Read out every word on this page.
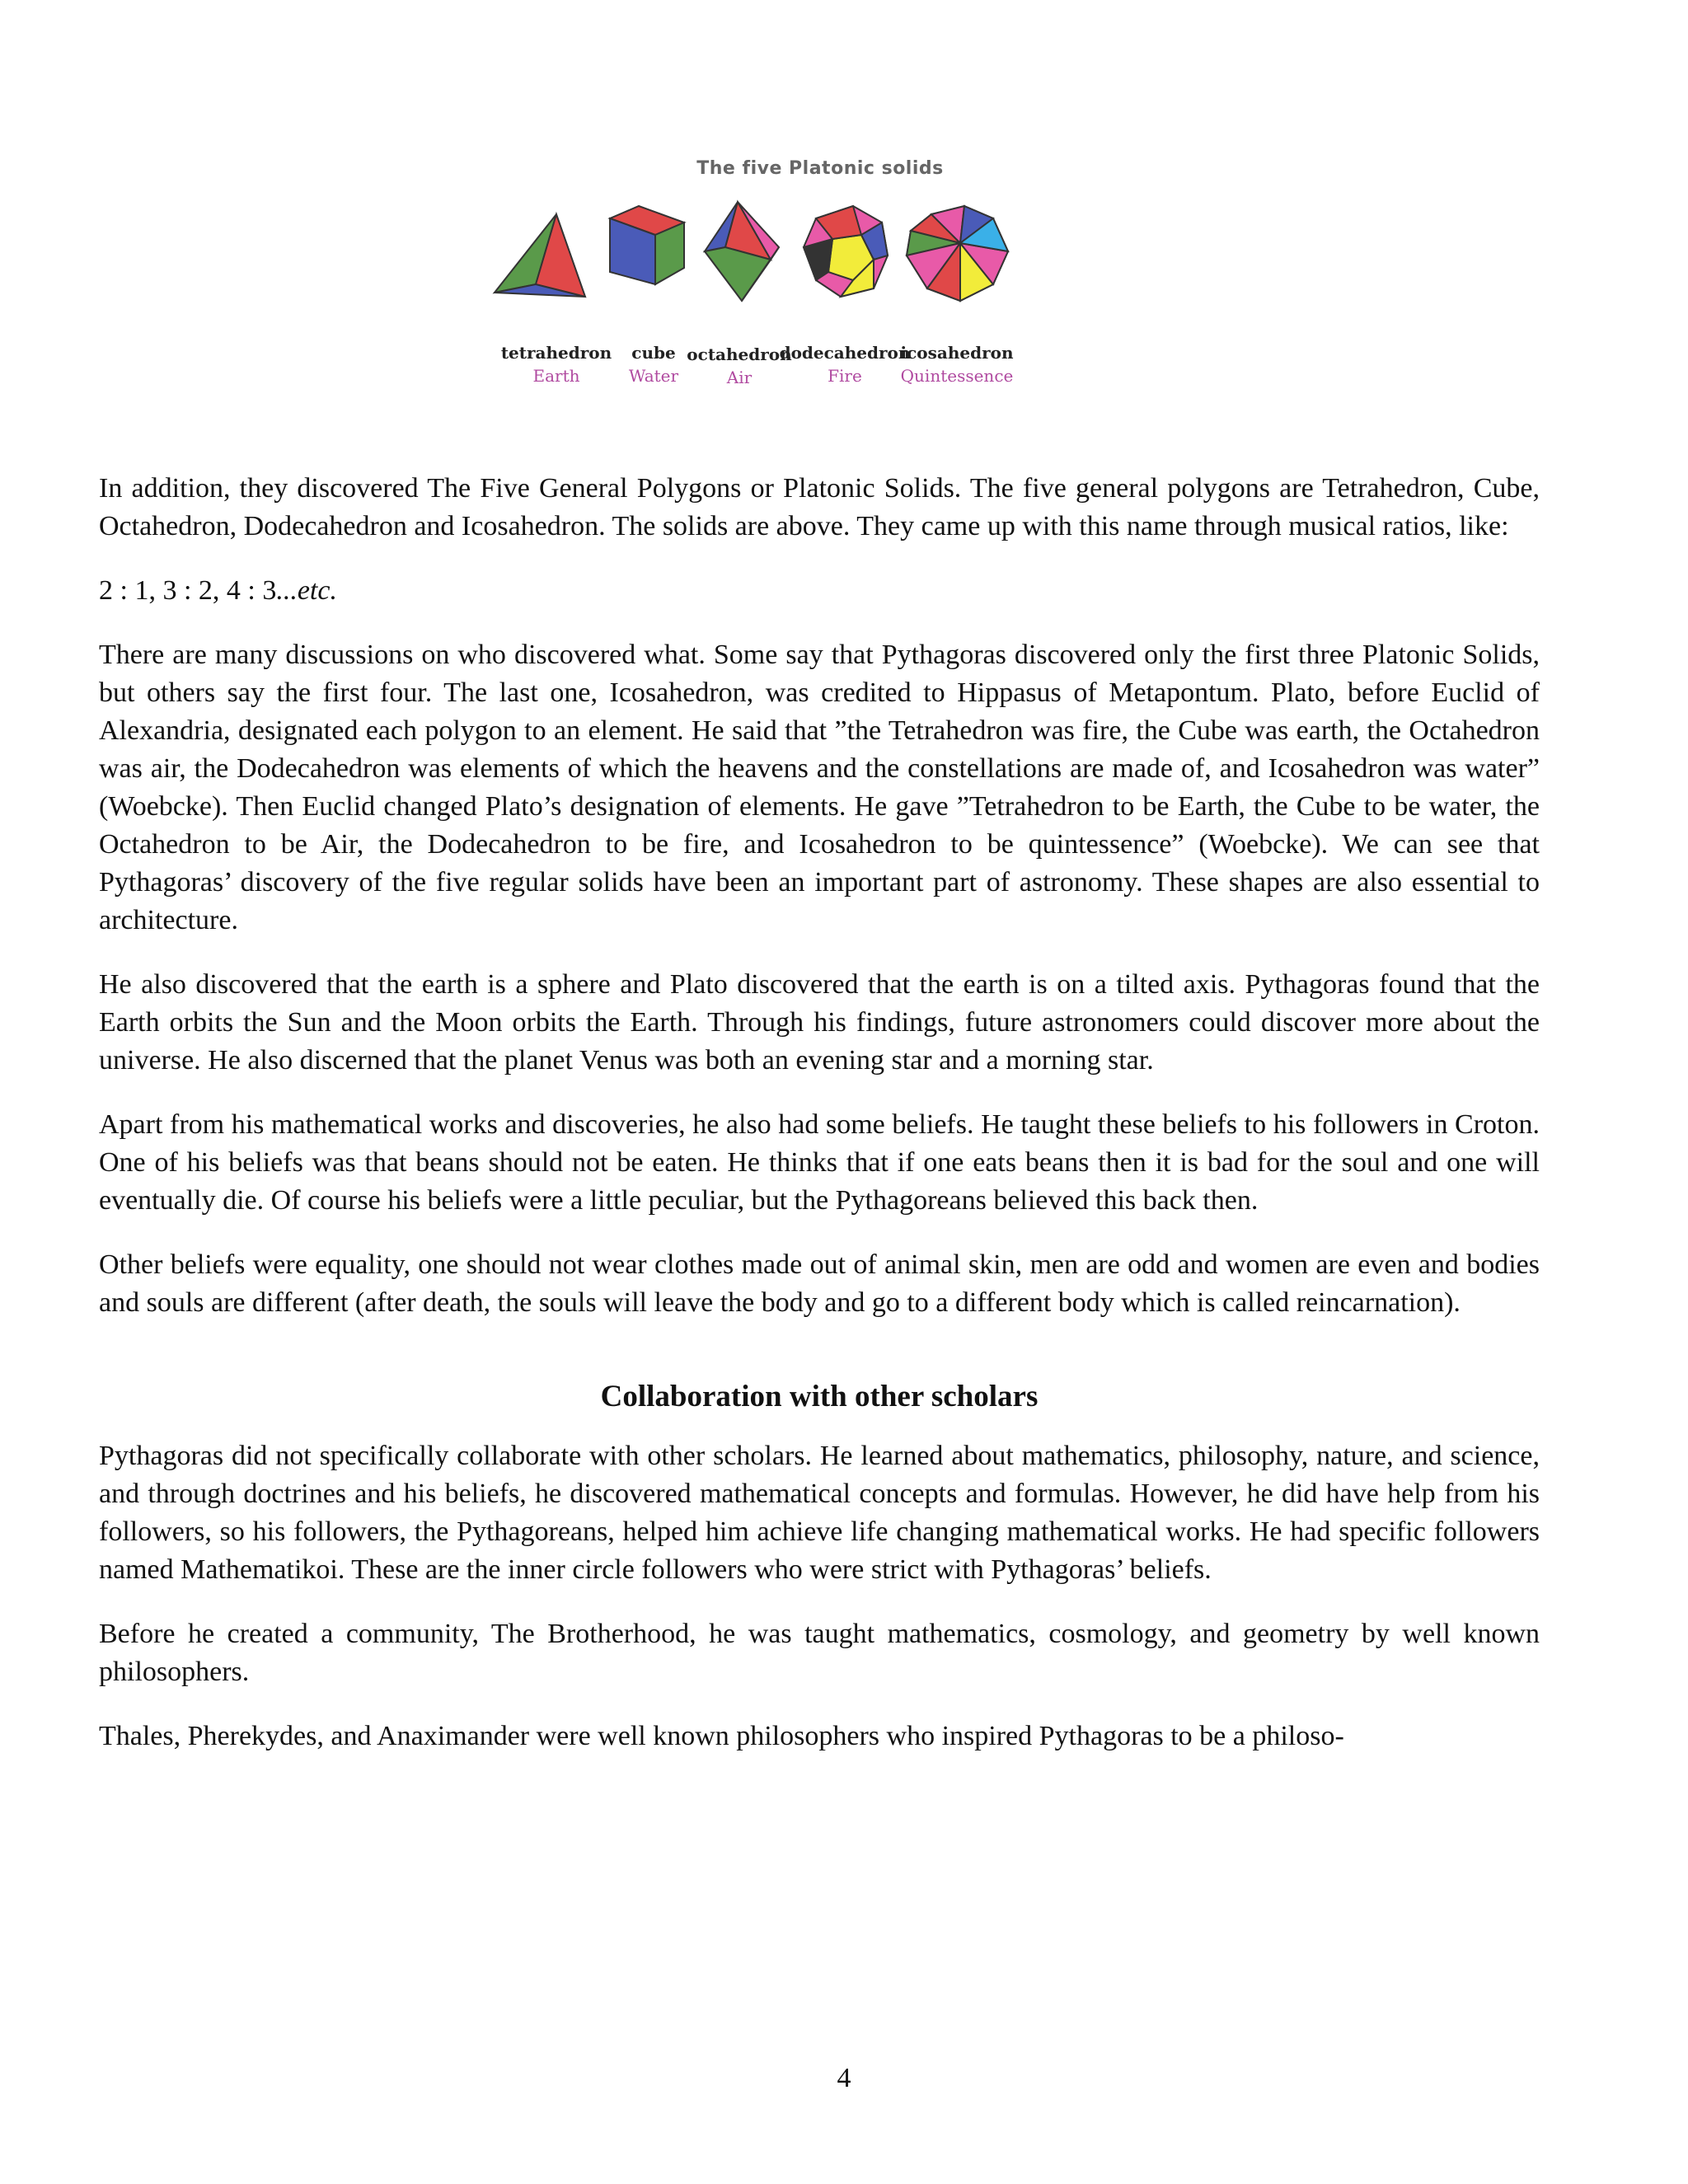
The five Platonic solids
tetrahedron
Earth
cube
Water
octahedron
Air
dodecahedron
Fire
icosahedron
Quintessence

In addition, they discovered The Five General Polygons or Platonic Solids. The five general polygons are Tetrahedron, Cube, Octahedron, Dodecahedron and Icosahedron. The solids are above. They came up with this name through musical ratios, like:

2 : 1, 3 : 2, 4 : 3...etc.

There are many discussions on who discovered what. Some say that Pythagoras discovered only the first three Platonic Solids, but others say the first four. The last one, Icosahedron, was credited to Hippasus of Metapontum. Plato, before Euclid of Alexandria, designated each polygon to an element. He said that ”the Tetrahedron was fire, the Cube was earth, the Octahedron was air, the Dodecahedron was elements of which the heavens and the constellations are made of, and Icosahedron was water” (Woebcke). Then Euclid changed Plato’s designation of elements. He gave ”Tetrahedron to be Earth, the Cube to be water, the Octahedron to be Air, the Dodecahedron to be fire, and Icosahedron to be quintessence” (Woebcke). We can see that Pythagoras’ discovery of the five regular solids have been an important part of astronomy. These shapes are also essential to architecture.

He also discovered that the earth is a sphere and Plato discovered that the earth is on a tilted axis. Pythagoras found that the Earth orbits the Sun and the Moon orbits the Earth. Through his findings, future astronomers could discover more about the universe. He also discerned that the planet Venus was both an evening star and a morning star.

Apart from his mathematical works and discoveries, he also had some beliefs. He taught these beliefs to his followers in Croton. One of his beliefs was that beans should not be eaten. He thinks that if one eats beans then it is bad for the soul and one will eventually die. Of course his beliefs were a little peculiar, but the Pythagoreans believed this back then.

Other beliefs were equality, one should not wear clothes made out of animal skin, men are odd and women are even and bodies and souls are different (after death, the souls will leave the body and go to a different body which is called reincarnation).

Collaboration with other scholars

Pythagoras did not specifically collaborate with other scholars. He learned about mathematics, philosophy, nature, and science, and through doctrines and his beliefs, he discovered mathematical concepts and formulas. However, he did have help from his followers, so his followers, the Pythagoreans, helped him achieve life changing mathematical works. He had specific followers named Mathematikoi. These are the inner circle followers who were strict with Pythagoras’ beliefs.

Before he created a community, The Brotherhood, he was taught mathematics, cosmology, and geometry by well known philosophers.

Thales, Pherekydes, and Anaximander were well known philosophers who inspired Pythagoras to be a philoso-

4
